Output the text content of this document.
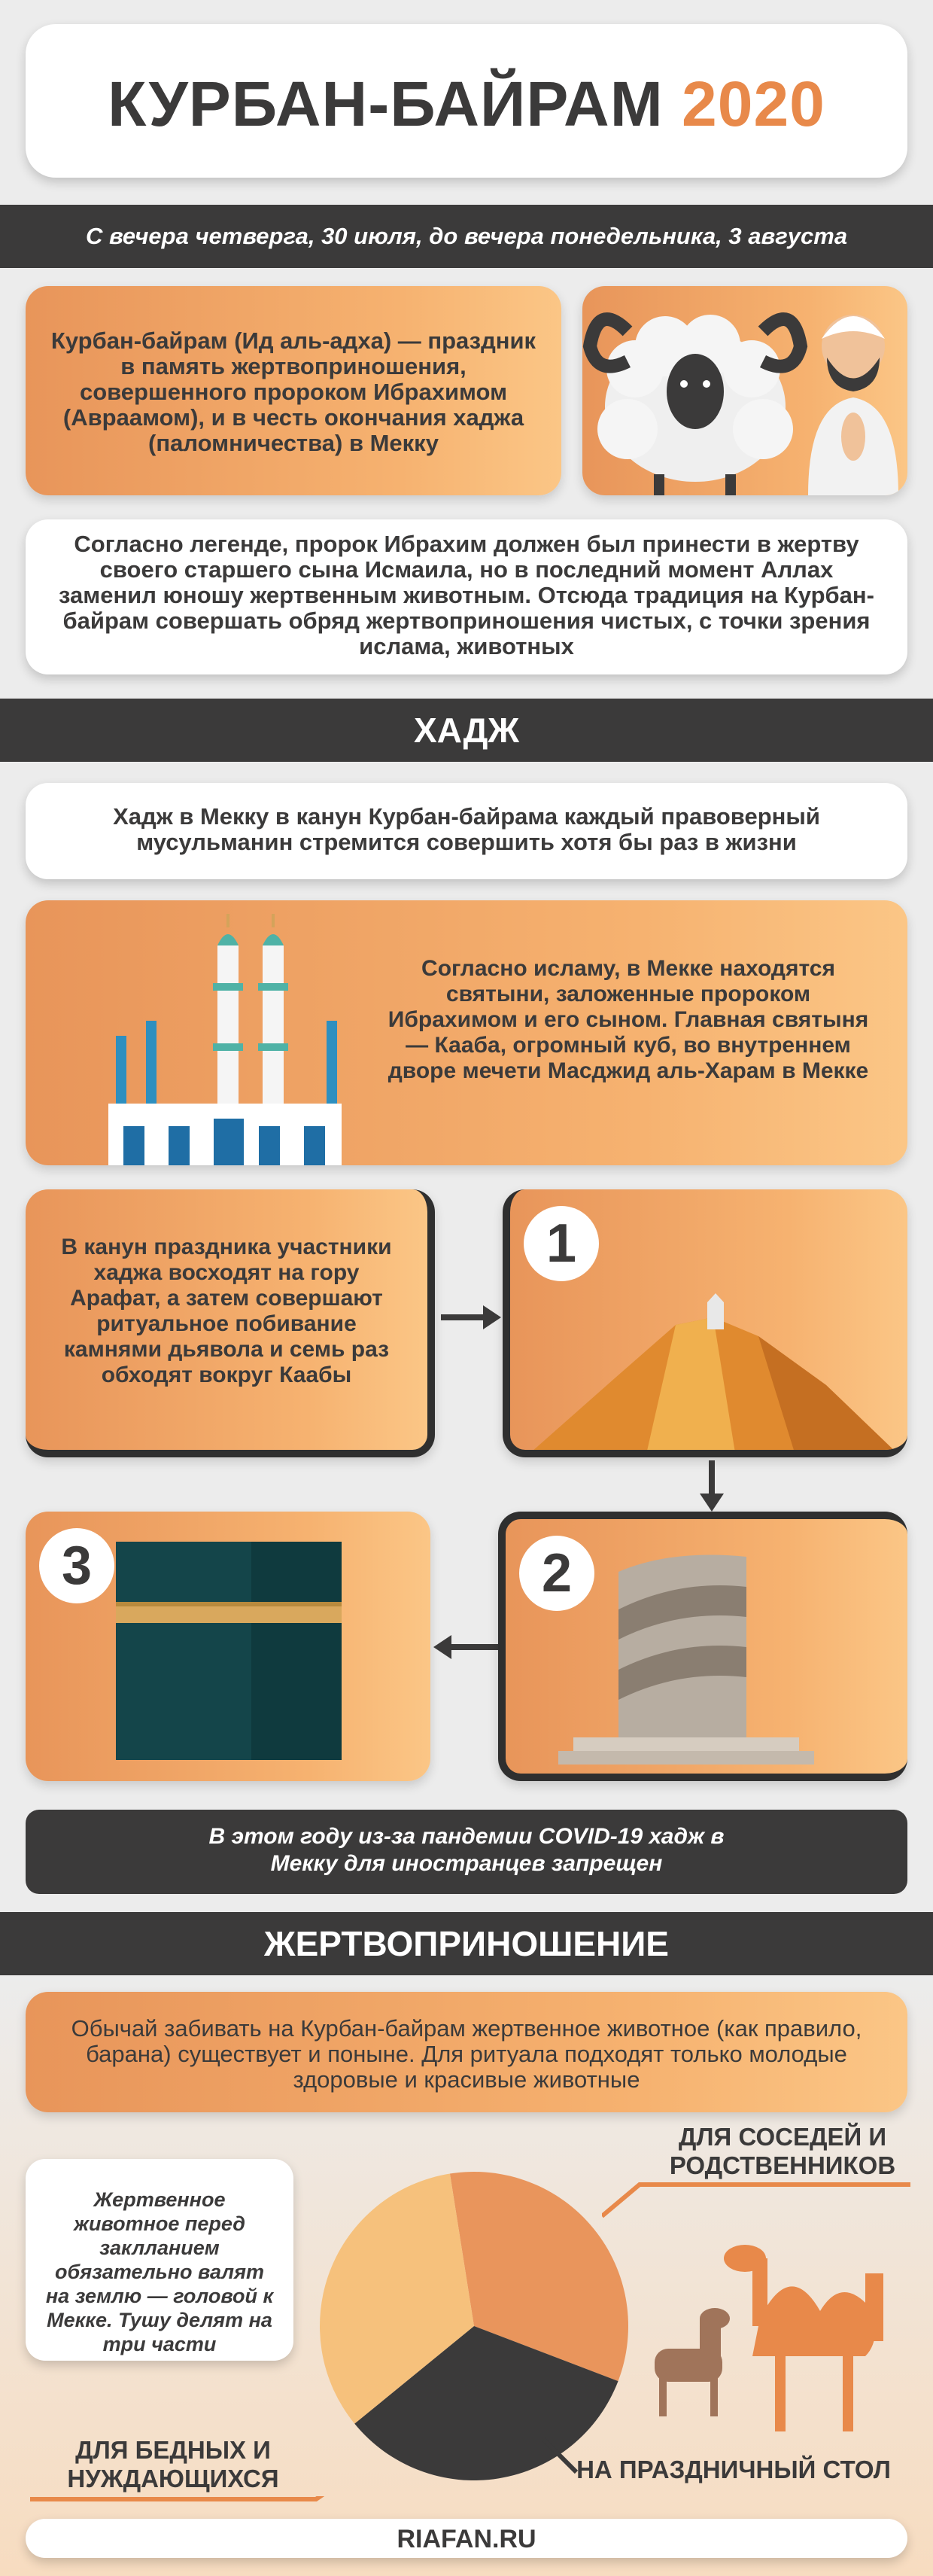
КУРБАН-БАЙРАМ 2020
С вечера четверга, 30 июля, до вечера понедельника, 3 августа
Курбан-байрам (Ид аль-адха) — праздник в память жертвоприношения, совершенного пророком Ибрахимом (Авраамом), и в честь окончания хаджа (паломничества) в Мекку
Согласно легенде, пророк Ибрахим должен был принести в жертву своего старшего сына Исмаила, но в последний момент Аллах заменил юношу жертвенным животным. Отсюда традиция на Курбан-байрам совершать обряд жертвоприношения чистых, с точки зрения ислама, животных
ХАДЖ
Хадж в Мекку в канун Курбан-байрама каждый правоверный мусульманин стремится совершить хотя бы раз в жизни
Согласно исламу, в Мекке находятся святыни, заложенные пророком Ибрахимом и его сыном. Главная святыня — Кааба, огромный куб, во внутреннем дворе мечети Масджид аль-Харам в Мекке
В канун праздника участники хаджа восходят на гору Арафат, а затем совершают ритуальное побивание камнями дьявола и семь раз обходят вокруг Каабы
1
3	2
В этом году из-за пандемии COVID-19 хадж в Мекку для иностранцев запрещен
ЖЕРТВОПРИНОШЕНИЕ
Обычай забивать на Курбан-байрам жертвенное животное (как правило, барана) существует и поныне. Для ритуала подходят только молодые здоровые и красивые животные
Жертвенное животное перед заклланием обязательно валят на землю — головой к Мекке. Тушу делят на три части
ДЛЯ СОСЕДЕЙ И РОДСТВЕННИКОВ
ДЛЯ БЕДНЫХ И НУЖДАЮЩИХСЯ	НА ПРАЗДНИЧНЫЙ СТОЛ
RIAFAN.RU
